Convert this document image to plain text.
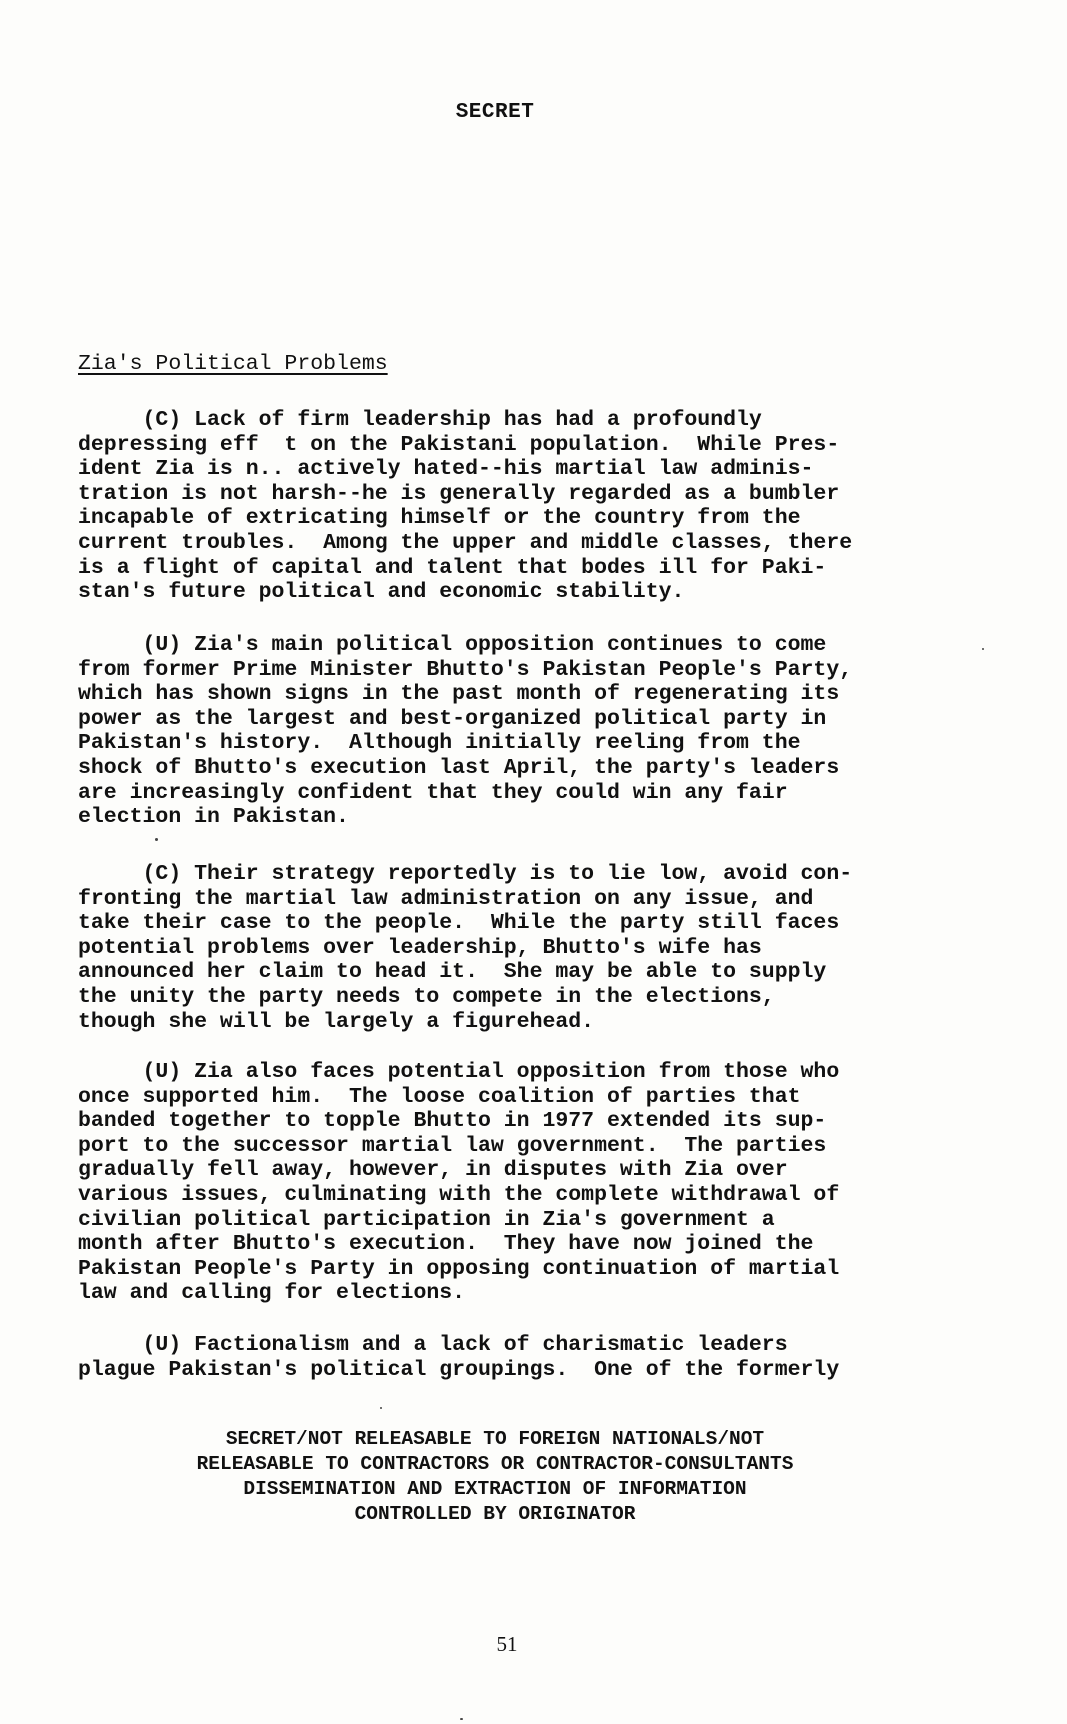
SECRET
Zia's Political Problems
(C) Lack of firm leadership has had a profoundly
depressing eff  t on the Pakistani population.  While Pres-
ident Zia is n.. actively hated--his martial law adminis-
tration is not harsh--he is generally regarded as a bumbler
incapable of extricating himself or the country from the
current troubles.  Among the upper and middle classes, there
is a flight of capital and talent that bodes ill for Paki-
stan's future political and economic stability.
(U) Zia's main political opposition continues to come
from former Prime Minister Bhutto's Pakistan People's Party,
which has shown signs in the past month of regenerating its
power as the largest and best-organized political party in
Pakistan's history.  Although initially reeling from the
shock of Bhutto's execution last April, the party's leaders
are increasingly confident that they could win any fair
election in Pakistan.
(C) Their strategy reportedly is to lie low, avoid con-
fronting the martial law administration on any issue, and
take their case to the people.  While the party still faces
potential problems over leadership, Bhutto's wife has
announced her claim to head it.  She may be able to supply
the unity the party needs to compete in the elections,
though she will be largely a figurehead.
(U) Zia also faces potential opposition from those who
once supported him.  The loose coalition of parties that
banded together to topple Bhutto in 1977 extended its sup-
port to the successor martial law government.  The parties
gradually fell away, however, in disputes with Zia over
various issues, culminating with the complete withdrawal of
civilian political participation in Zia's government a
month after Bhutto's execution.  They have now joined the
Pakistan People's Party in opposing continuation of martial
law and calling for elections.
(U) Factionalism and a lack of charismatic leaders
plague Pakistan's political groupings.  One of the formerly
SECRET/NOT RELEASABLE TO FOREIGN NATIONALS/NOT
RELEASABLE TO CONTRACTORS OR CONTRACTOR-CONSULTANTS
DISSEMINATION AND EXTRACTION OF INFORMATION
CONTROLLED BY ORIGINATOR
51
